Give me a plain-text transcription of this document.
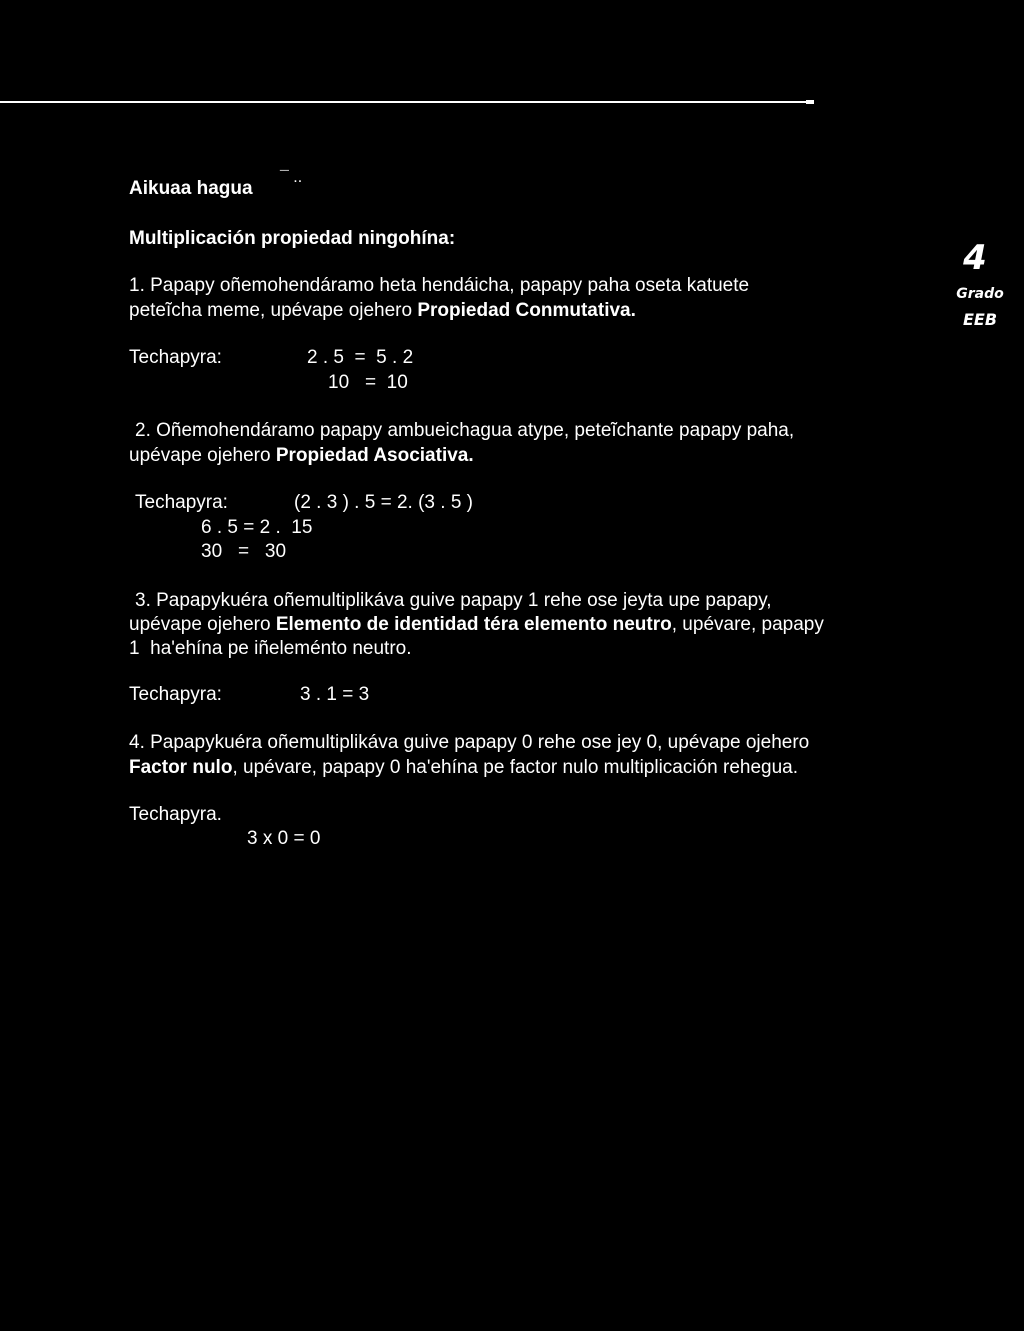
Aikuaa hagua
¯ ..
4
Grado
EEB
Multiplicación propiedad ningohína:
1. Papapy oñemohendáramo heta hendáicha, papapy paha oseta katuete
peteĩcha meme, upévape ojehero Propiedad Conmutativa.
Techapyra:	2 . 5  =  5 . 2
10   =  10
2. Oñemohendáramo papapy ambueichagua atype, peteĩchante papapy paha,
upévape ojehero Propiedad Asociativa.
Techapyra:	(2 . 3 ) . 5 = 2. (3 . 5 )
6 . 5 = 2 .  15
30   =   30
3. Papapykuéra oñemultiplikáva guive papapy 1 rehe ose jeyta upe papapy,
upévape ojehero Elemento de identidad téra elemento neutro, upévare, papapy
1  ha'ehína pe iñeleménto neutro.
Techapyra:	3 . 1 = 3
4. Papapykuéra oñemultiplikáva guive papapy 0 rehe ose jey 0, upévape ojehero
Factor nulo, upévare, papapy 0 ha'ehína pe factor nulo multiplicación rehegua.
Techapyra.
3 x 0 = 0
